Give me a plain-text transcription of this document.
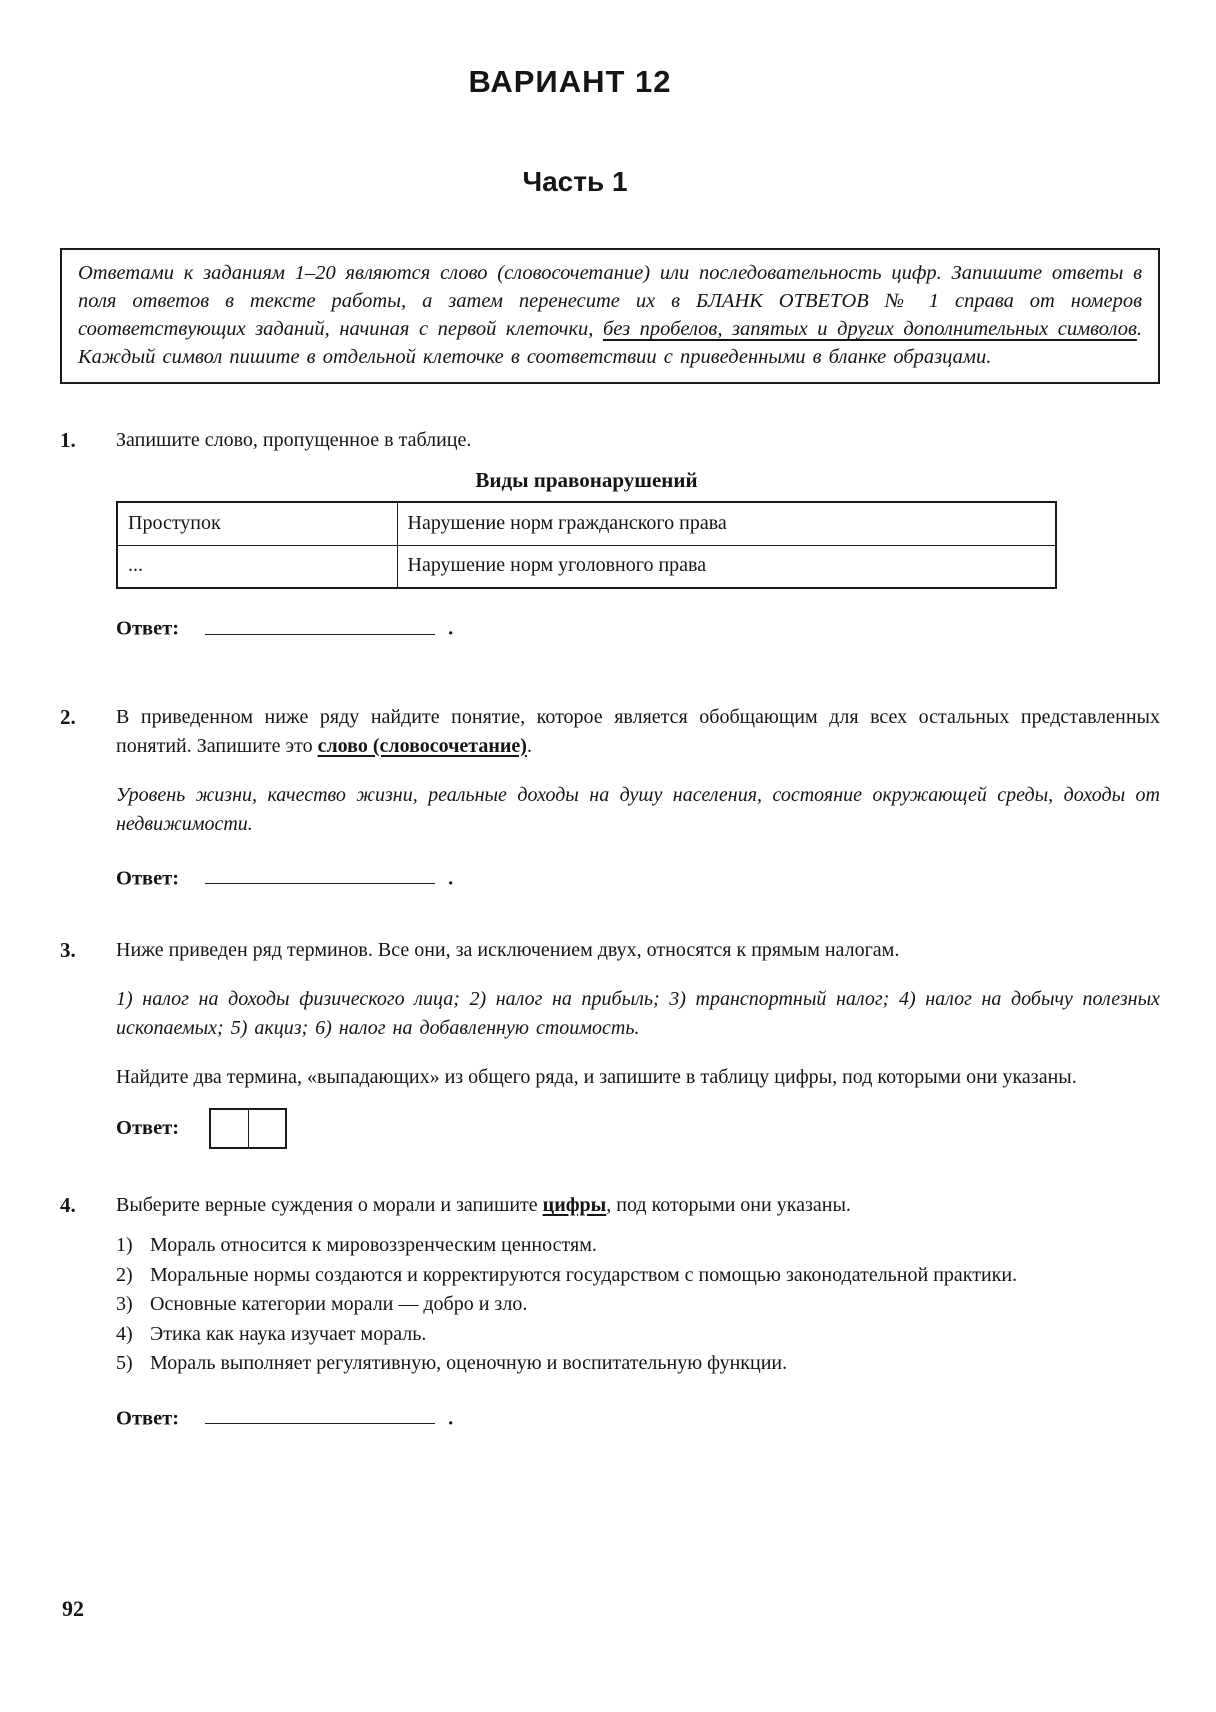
ВАРИАНТ 12
Часть 1

Ответами к заданиям 1–20 являются слово (словосочетание) или последовательность цифр. Запишите ответы в поля ответов в тексте работы, а затем перенесите их в БЛАНК ОТВЕТОВ № 1 справа от номеров соответствующих заданий, начиная с первой клеточки, без пробелов, запятых и других дополнительных символов. Каждый символ пишите в отдельной клеточке в соответствии с приведенными в бланке образцами.

1.	Запишите слово, пропущенное в таблице.

Виды правонарушений
Проступок	Нарушение норм гражданского права
...	Нарушение норм уголовного права
Ответ:	.
2.	В приведенном ниже ряду найдите понятие, которое является обобщающим для всех остальных представленных понятий. Запишите это слово (словосочетание).

Уровень жизни, качество жизни, реальные доходы на душу населения, состояние окружающей среды, доходы от недвижимости.

Ответ:	.
3.	Ниже приведен ряд терминов. Все они, за исключением двух, относятся к прямым налогам.

1) налог на доходы физического лица; 2) налог на прибыль; 3) транспортный налог; 4) налог на добычу полезных ископаемых; 5) акциз; 6) налог на добавленную стоимость.

Найдите два термина, «выпадающих» из общего ряда, и запишите в таблицу цифры, под которыми они указаны.

Ответ:
4.	Выберите верные суждения о морали и запишите цифры, под которыми они указаны.

1) Мораль относится к мировоззренческим ценностям.
2) Моральные нормы создаются и корректируются государством с помощью законодательной практики.
3) Основные категории морали — добро и зло.
4) Этика как наука изучает мораль.
5) Мораль выполняет регулятивную, оценочную и воспитательную функции.
Ответ:	.
92
